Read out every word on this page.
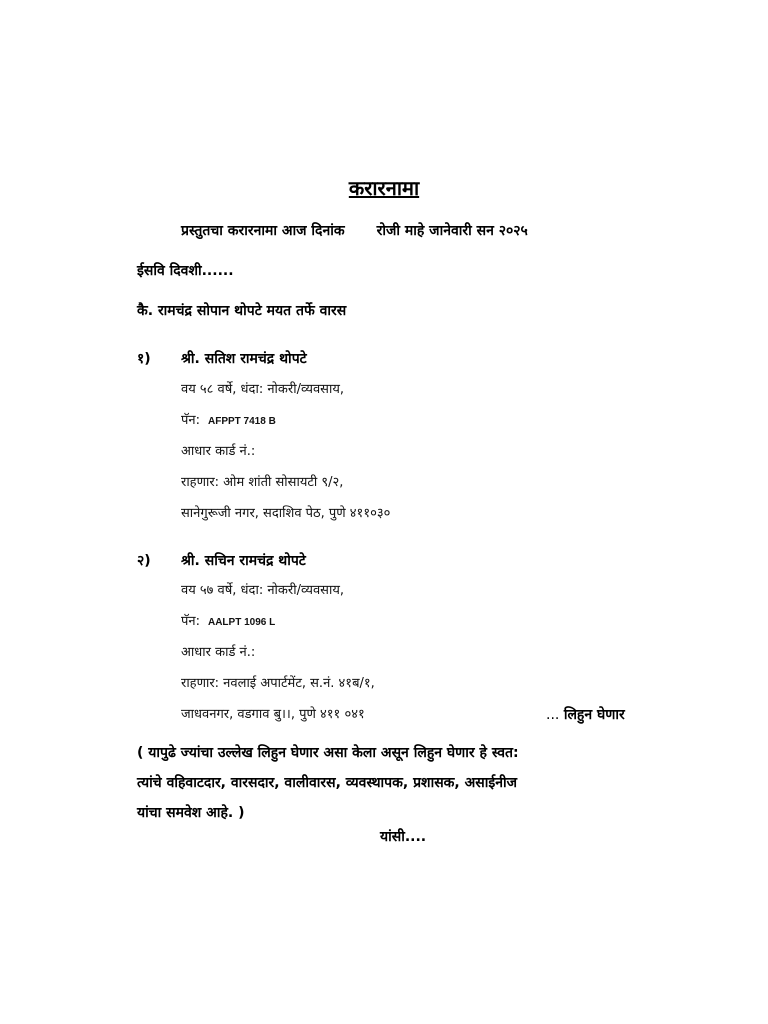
करारनामा
प्रस्तुतचा करारनामा आज दिनांक रोजी माहे जानेवारी सन २०२५
ईसवि दिवशी......
कै. रामचंद्र सोपान थोपटे मयत तर्फे वारस
१) श्री. सतिश रामचंद्र थोपटे
वय ५८ वर्षे, धंदा: नोकरी/व्यवसाय,
पॅन: AFPPT 7418 B
आधार कार्ड नं.:
राहणार: ओम शांती सोसायटी ९/२,
सानेगुरूजी नगर, सदाशिव पेठ, पुणे ४११०३०
२) श्री. सचिन रामचंद्र थोपटे
वय ५७ वर्षे, धंदा: नोकरी/व्यवसाय,
पॅन: AALPT 1096 L
आधार कार्ड नं.:
राहणार: नवलाई अपार्टमेंट, स.नं. ४१ब/१,
जाधवनगर, वडगाव बु।।, पुणे ४११ ०४१	... लिहुन घेणार
( यापुढे ज्यांचा उल्लेख लिहुन घेणार असा केला असून लिहुन घेणार हे स्वत:
त्यांचे वहिवाटदार, वारसदार, वालीवारस, व्यवस्थापक, प्रशासक, असाईनीज
यांचा समवेश आहे. )
यांसी....
